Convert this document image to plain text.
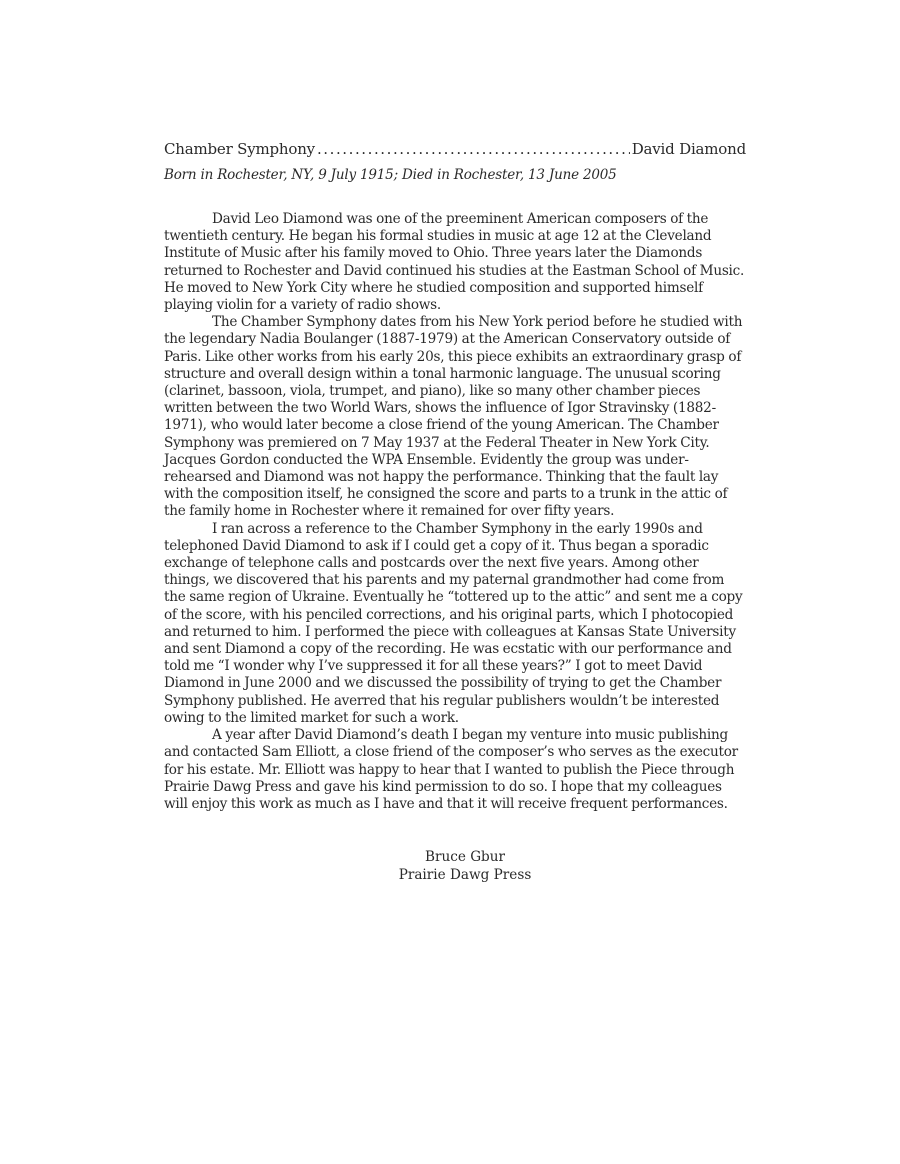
Chamber Symphony
. . .	David Diamond
Born in Rochester, NY, 9 July 1915; Died in Rochester, 13 June 2005

David Leo Diamond was one of the preeminent American composers of the twentieth century. He began his formal studies in music at age 12 at the Cleveland Institute of Music after his family moved to Ohio. Three years later the Diamonds returned to Rochester and David continued his studies at the Eastman School of Music. He moved to New York City where he studied composition and supported himself playing violin for a variety of radio shows.

The Chamber Symphony dates from his New York period before he studied with the legendary Nadia Boulanger (1887-1979) at the American Conservatory outside of Paris. Like other works from his early 20s, this piece exhibits an extraordinary grasp of structure and overall design within a tonal harmonic language. The unusual scoring (clarinet, bassoon, viola, trumpet, and piano), like so many other chamber pieces written between the two World Wars, shows the influence of Igor Stravinsky (1882-1971), who would later become a close friend of the young American. The Chamber Symphony was premiered on 7 May 1937 at the Federal Theater in New York City. Jacques Gordon conducted the WPA Ensemble. Evidently the group was under-rehearsed and Diamond was not happy the performance. Thinking that the fault lay with the composition itself, he consigned the score and parts to a trunk in the attic of the family home in Rochester where it remained for over fifty years.

I ran across a reference to the Chamber Symphony in the early 1990s and telephoned David Diamond to ask if I could get a copy of it. Thus began a sporadic exchange of telephone calls and postcards over the next five years. Among other things, we discovered that his parents and my paternal grandmother had come from the same region of Ukraine. Eventually he “tottered up to the attic” and sent me a copy of the score, with his penciled corrections, and his original parts, which I photocopied and returned to him. I performed the piece with colleagues at Kansas State University and sent Diamond a copy of the recording. He was ecstatic with our performance and told me “I wonder why I’ve suppressed it for all these years?” I got to meet David Diamond in June 2000 and we discussed the possibility of trying to get the Chamber Symphony published. He averred that his regular publishers wouldn’t be interested owing to the limited market for such a work.

A year after David Diamond’s death I began my venture into music publishing and contacted Sam Elliott, a close friend of the composer’s who serves as the executor for his estate. Mr. Elliott was happy to hear that I wanted to publish the Piece through Prairie Dawg Press and gave his kind permission to do so. I hope that my colleagues will enjoy this work as much as I have and that it will receive frequent performances.

Bruce Gbur
Prairie Dawg Press
